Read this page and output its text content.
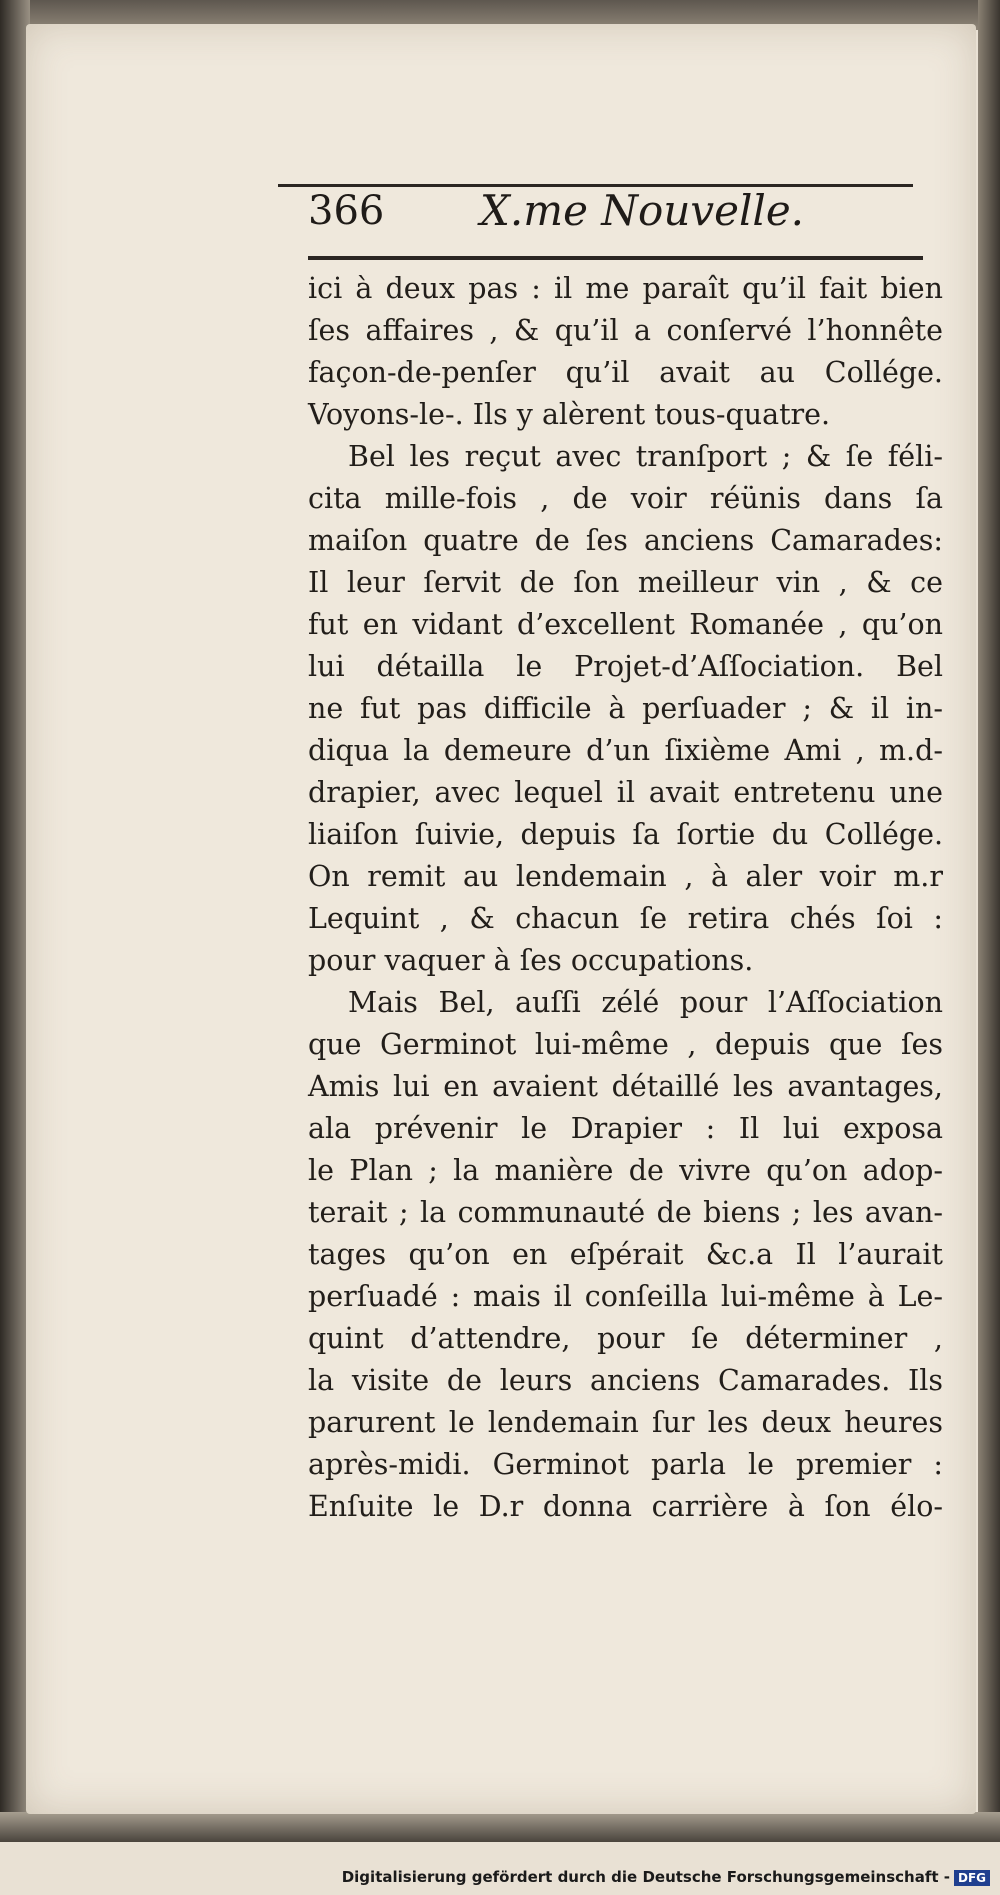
366 X.me Nouvelle.
ici à deux pas : il me paraît qu’il fait bien
ſes affaires , & qu’il a conſervé l’honnête
façon-de-penſer qu’il avait au Collége.
Voyons-le-. Ils y alèrent tous-quatre.
Bel les reçut avec tranſport ; & ſe féli-
cita mille-fois , de voir réünis dans ſa
maiſon quatre de ſes anciens Camarades:
Il leur ſervit de ſon meilleur vin , & ce
fut en vidant d’excellent Romanée , qu’on
lui détailla le Projet-d’Aſſociation. Bel
ne fut pas difficile à perſuader ; & il in-
diqua la demeure d’un ſixième Ami , m.d-
drapier, avec lequel il avait entretenu une
liaiſon ſuivie, depuis ſa ſortie du Collége.
On remit au lendemain , à aler voir m.r
Lequint , & chacun ſe retira chés ſoi :
pour vaquer à ſes occupations.
Mais Bel, auſſi zélé pour l’Aſſociation
que Germinot lui-même , depuis que ſes
Amis lui en avaient détaillé les avantages,
ala prévenir le Drapier : Il lui exposa
le Plan ; la manière de vivre qu’on adop-
terait ; la communauté de biens ; les avan-
tages qu’on en eſpérait &c.a Il l’aurait
perſuadé : mais il conſeilla lui-même à Le-
quint d’attendre, pour ſe déterminer ,
la visite de leurs anciens Camarades. Ils
parurent le lendemain ſur les deux heures
après-midi. Germinot parla le premier :
Enſuite le D.r donna carrière à ſon élo-
Digitalisierung gefördert durch die Deutsche Forschungsgemeinschaft - DFG
